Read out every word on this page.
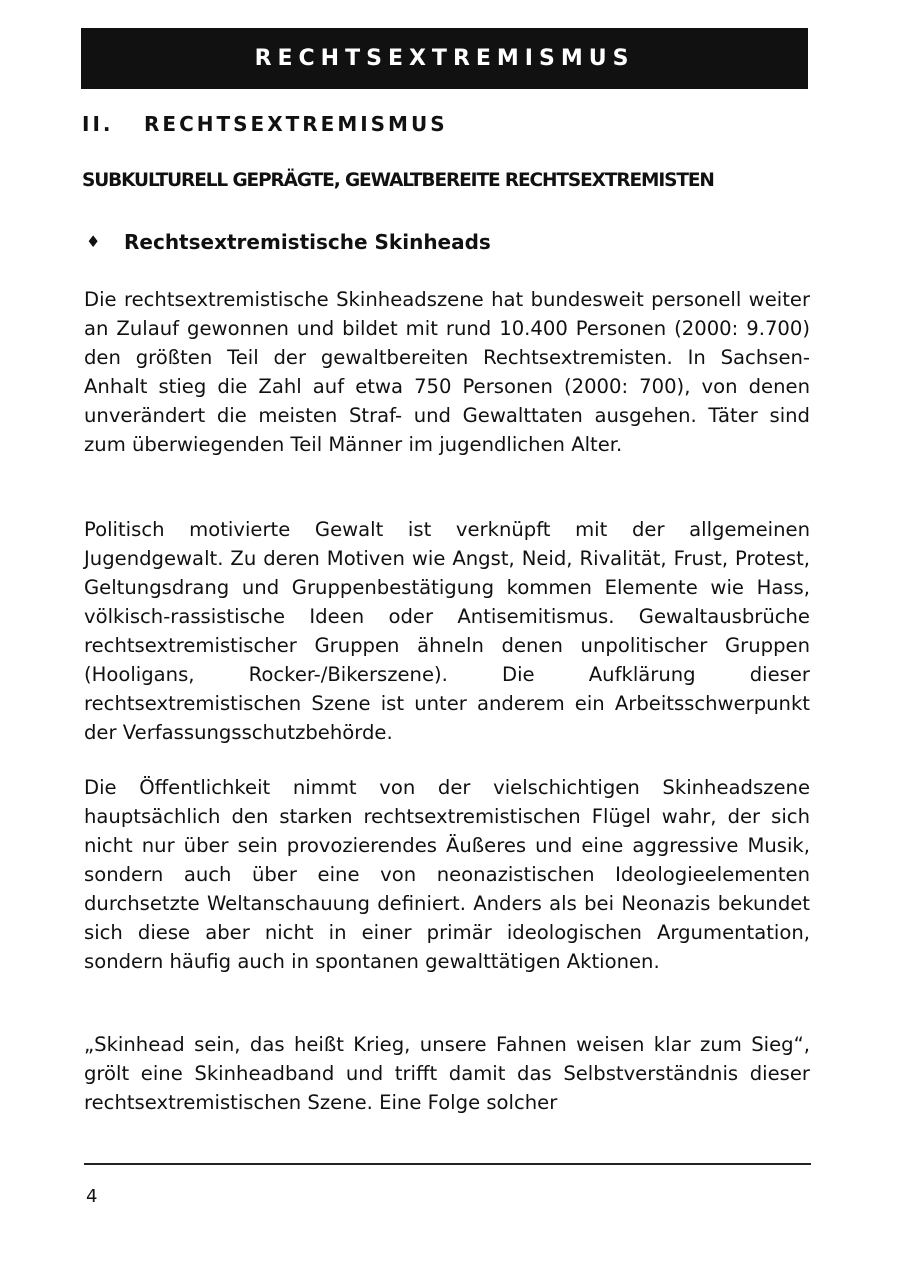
RECHTSEXTREMISMUS
II. RECHTSEXTREMISMUS
SUBKULTURELL GEPRÄGTE, GEWALTBEREITE RECHTSEXTREMISTEN
♦ Rechtsextremistische Skinheads

Die rechtsextremistische Skinheadszene hat bundesweit personell weiter an Zulauf gewonnen und bildet mit rund 10.400 Personen (2000: 9.700) den größten Teil der gewaltbereiten Rechtsextremisten. In Sachsen-Anhalt stieg die Zahl auf etwa 750 Personen (2000: 700), von denen unverändert die meisten Straf- und Gewalttaten ausgehen. Täter sind zum überwiegenden Teil Männer im jugendlichen Alter.

Politisch motivierte Gewalt ist verknüpft mit der allgemeinen Jugendgewalt. Zu deren Motiven wie Angst, Neid, Rivalität, Frust, Protest, Geltungsdrang und Gruppenbestätigung kommen Elemente wie Hass, völkisch-rassistische Ideen oder Antisemitismus. Gewaltausbrüche rechtsextremistischer Gruppen ähneln denen unpolitischer Gruppen (Hooligans, Rocker-/Bikerszene). Die Aufklärung dieser rechtsextremistischen Szene ist unter anderem ein Arbeitsschwerpunkt der Verfassungsschutzbehörde.

Die Öffentlichkeit nimmt von der vielschichtigen Skinheadszene hauptsächlich den starken rechtsextremistischen Flügel wahr, der sich nicht nur über sein provozierendes Äußeres und eine aggressive Musik, sondern auch über eine von neonazistischen Ideologieelementen durchsetzte Weltanschauung definiert. Anders als bei Neonazis bekundet sich diese aber nicht in einer primär ideologischen Argumentation, sondern häufig auch in spontanen gewalttätigen Aktionen.

„Skinhead sein, das heißt Krieg, unsere Fahnen weisen klar zum Sieg“, grölt eine Skinheadband und trifft damit das Selbstverständnis dieser rechtsextremistischen Szene. Eine Folge solcher

4
